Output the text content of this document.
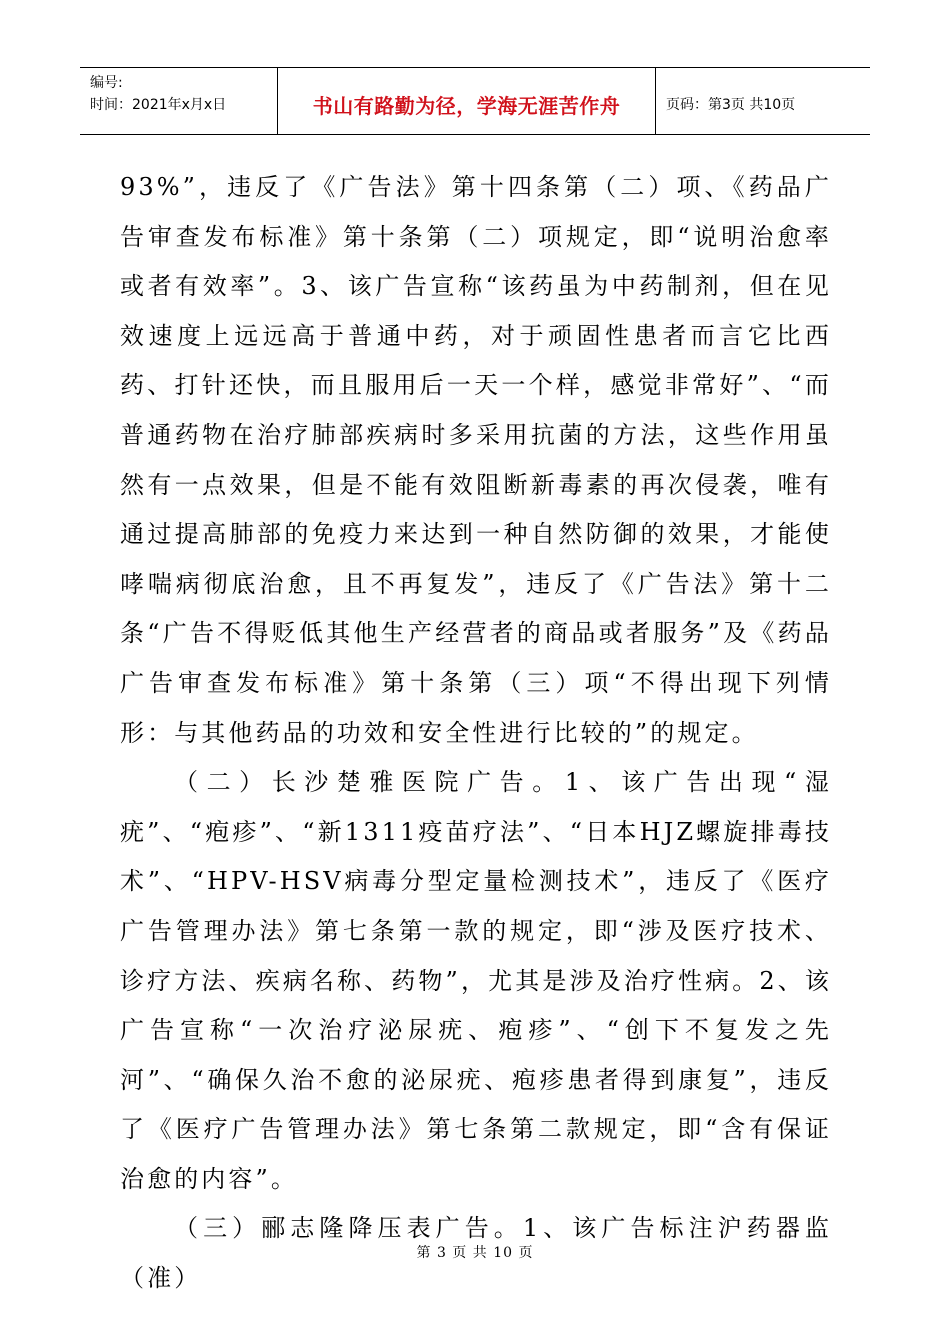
编号:
时间：2021年x月x日	书山有路勤为径，学海无涯苦作舟	页码：第3页 共10页

93%”，违反了《广告法》第十四条第（二）项、《药品广告审查发布标准》第十条第（二）项规定，即“说明治愈率或者有效率”。3、该广告宣称“该药虽为中药制剂，但在见效速度上远远高于普通中药，对于顽固性患者而言它比西药、打针还快，而且服用后一天一个样，感觉非常好”、“而普通药物在治疗肺部疾病时多采用抗菌的方法，这些作用虽然有一点效果，但是不能有效阻断新毒素的再次侵袭，唯有通过提高肺部的免疫力来达到一种自然防御的效果，才能使哮喘病彻底治愈，且不再复发”，违反了《广告法》第十二条“广告不得贬低其他生产经营者的商品或者服务”及《药品广告审查发布标准》第十条第（三）项“不得出现下列情形：与其他药品的功效和安全性进行比较的”的规定。

（二）长沙楚雅医院广告。1、该广告出现“湿疣”、“疱疹”、“新1311疫苗疗法”、“日本HJZ螺旋排毒技术”、“HPV-HSV病毒分型定量检测技术”，违反了《医疗广告管理办法》第七条第一款的规定，即“涉及医疗技术、诊疗方法、疾病名称、药物”，尤其是涉及治疗性病。2、该广告宣称“一次治疗泌尿疣、疱疹”、“创下不复发之先河”、“确保久治不愈的泌尿疣、疱疹患者得到康复”，违反了《医疗广告管理办法》第七条第二款规定，即“含有保证治愈的内容”。

（三）郦志隆降压表广告。1、该广告标注沪药器监（准）

第 3 页 共 10 页
